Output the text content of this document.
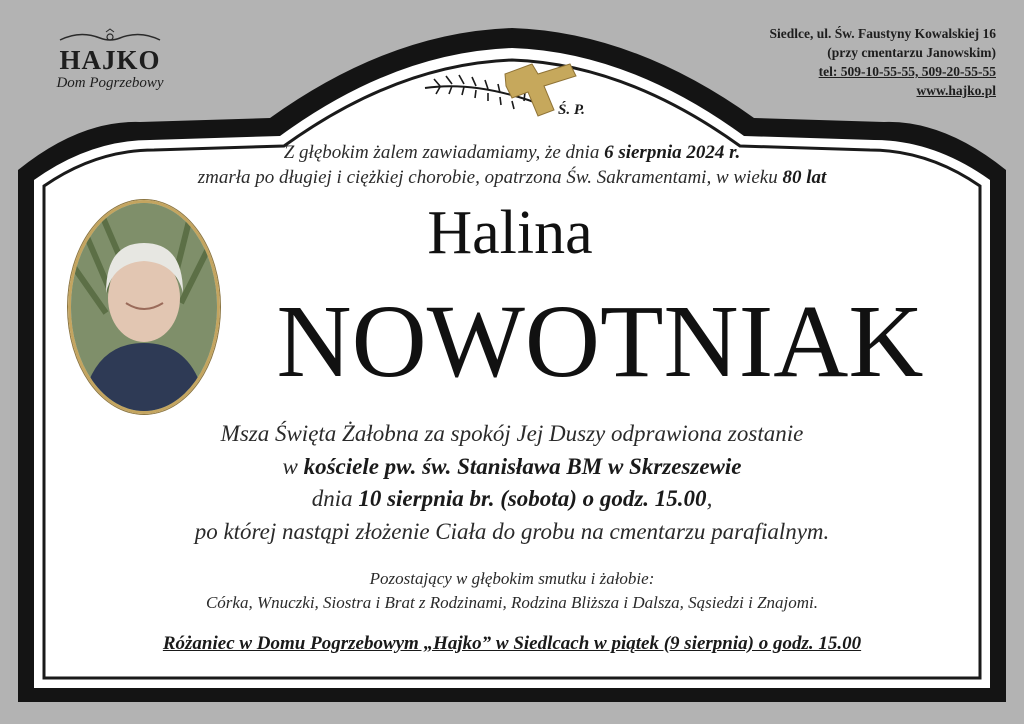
HAJKO
Dom Pogrzebowy
Siedlce, ul. Św. Faustyny Kowalskiej 16
(przy cmentarzu Janowskim)
tel: 509-10-55-55, 509-20-55-55
www.hajko.pl
Ś. P.
Z głębokim żalem zawiadamiamy, że dnia 6 sierpnia 2024 r.
zmarła po długiej i ciężkiej chorobie, opatrzona Św. Sakramentami, w wieku 80 lat
Halina
NOWOTNIAK
Msza Święta Żałobna za spokój Jej Duszy odprawiona zostanie
w kościele pw. św. Stanisława BM w Skrzeszewie
dnia 10 sierpnia br. (sobota) o godz. 15.00,
po której nastąpi złożenie Ciała do grobu na cmentarzu parafialnym.
Pozostający w głębokim smutku i żałobie:
Córka, Wnuczki, Siostra i Brat z Rodzinami, Rodzina Bliższa i Dalsza, Sąsiedzi i Znajomi.
Różaniec w Domu Pogrzebowym „Hajko” w Siedlcach w piątek (9 sierpnia) o godz. 15.00
